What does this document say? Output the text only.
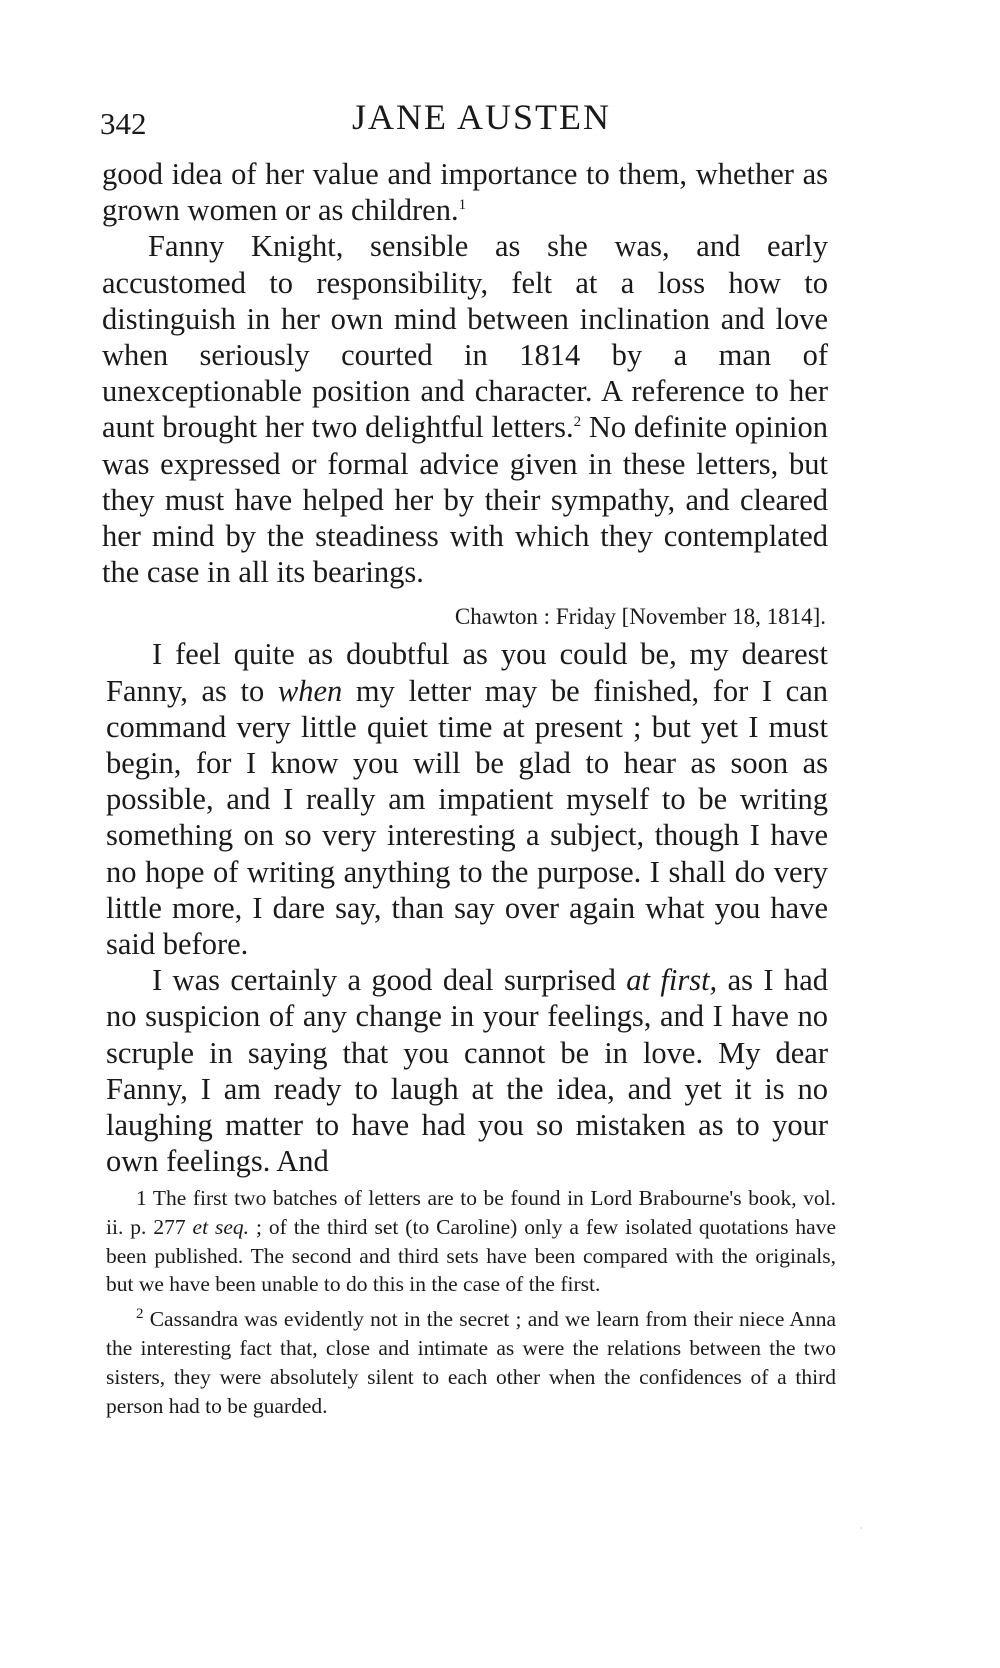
342	JANE AUSTEN

good idea of her value and importance to them, whether as grown women or as children.$^1$

Fanny Knight, sensible as she was, and early accustomed to responsibility, felt at a loss how to distinguish in her own mind between inclination and love when seriously courted in 1814 by a man of unexceptionable position and character. A reference to her aunt brought her two delightful letters.$^2$ No definite opinion was expressed or formal advice given in these letters, but they must have helped her by their sympathy, and cleared her mind by the steadiness with which they contemplated the case in all its bearings.

Chawton : Friday [November 18, 1814].

I feel quite as doubtful as you could be, my dearest Fanny, as to when my letter may be finished, for I can command very little quiet time at present ; but yet I must begin, for I know you will be glad to hear as soon as possible, and I really am impatient myself to be writing something on so very interesting a subject, though I have no hope of writing anything to the purpose. I shall do very little more, I dare say, than say over again what you have said before.

I was certainly a good deal surprised at first, as I had no suspicion of any change in your feelings, and I have no scruple in saying that you cannot be in love. My dear Fanny, I am ready to laugh at the idea, and yet it is no laughing matter to have had you so mistaken as to your own feelings. And

1 The first two batches of letters are to be found in Lord Brabourne's book, vol. ii. p. 277 et seq. ; of the third set (to Caroline) only a few isolated quotations have been published. The second and third sets have been compared with the originals, but we have been unable to do this in the case of the first.

$^2$ Cassandra was evidently not in the secret ; and we learn from their niece Anna the interesting fact that, close and intimate as were the relations between the two sisters, they were absolutely silent to each other when the confidences of a third person had to be guarded.

·
